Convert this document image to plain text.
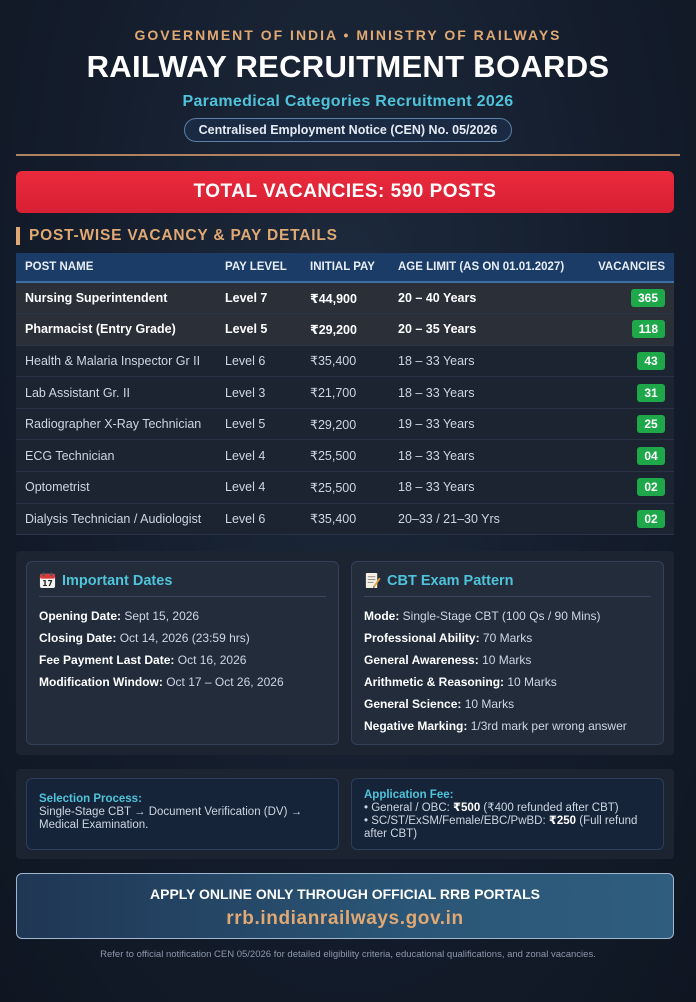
GOVERNMENT OF INDIA • MINISTRY OF RAILWAYS
RAILWAY RECRUITMENT BOARDS
Paramedical Categories Recruitment 2026
Centralised Employment Notice (CEN) No. 05/2026
TOTAL VACANCIES: 590 POSTS
POST-WISE VACANCY & PAY DETAILS
POST NAME	PAY LEVEL	INITIAL PAY	AGE LIMIT (AS ON 01.01.2027)	VACANCIES
Nursing Superintendent	Level 7	₹44,900	20 – 40 Years	365
Pharmacist (Entry Grade)	Level 5	₹29,200	20 – 35 Years	118
Health & Malaria Inspector Gr II	Level 6	₹35,400	18 – 33 Years	43
Lab Assistant Gr. II	Level 3	₹21,700	18 – 33 Years	31
Radiographer X-Ray Technician	Level 5	₹29,200	19 – 33 Years	25
ECG Technician	Level 4	₹25,500	18 – 33 Years	04
Optometrist	Level 4	₹25,500	18 – 33 Years	02
Dialysis Technician / Audiologist	Level 6	₹35,400	20–33 / 21–30 Yrs	02
17 Important Dates
Opening Date: Sept 15, 2026
Closing Date: Oct 14, 2026 (23:59 hrs)
Fee Payment Last Date: Oct 16, 2026
Modification Window: Oct 17 – Oct 26, 2026
CBT Exam Pattern
Mode: Single-Stage CBT (100 Qs / 90 Mins)
Professional Ability: 70 Marks
General Awareness: 10 Marks
Arithmetic & Reasoning: 10 Marks
General Science: 10 Marks
Negative Marking: 1/3rd mark per wrong answer
Selection Process:
Single-Stage CBT → Document Verification (DV) → Medical Examination.
Application Fee:
• General / OBC: ₹500 (₹400 refunded after CBT)
• SC/ST/ExSM/Female/EBC/PwBD: ₹250 (Full refund after CBT)
APPLY ONLINE ONLY THROUGH OFFICIAL RRB PORTALS
rrb.indianrailways.gov.in
Refer to official notification CEN 05/2026 for detailed eligibility criteria, educational qualifications, and zonal vacancies.
